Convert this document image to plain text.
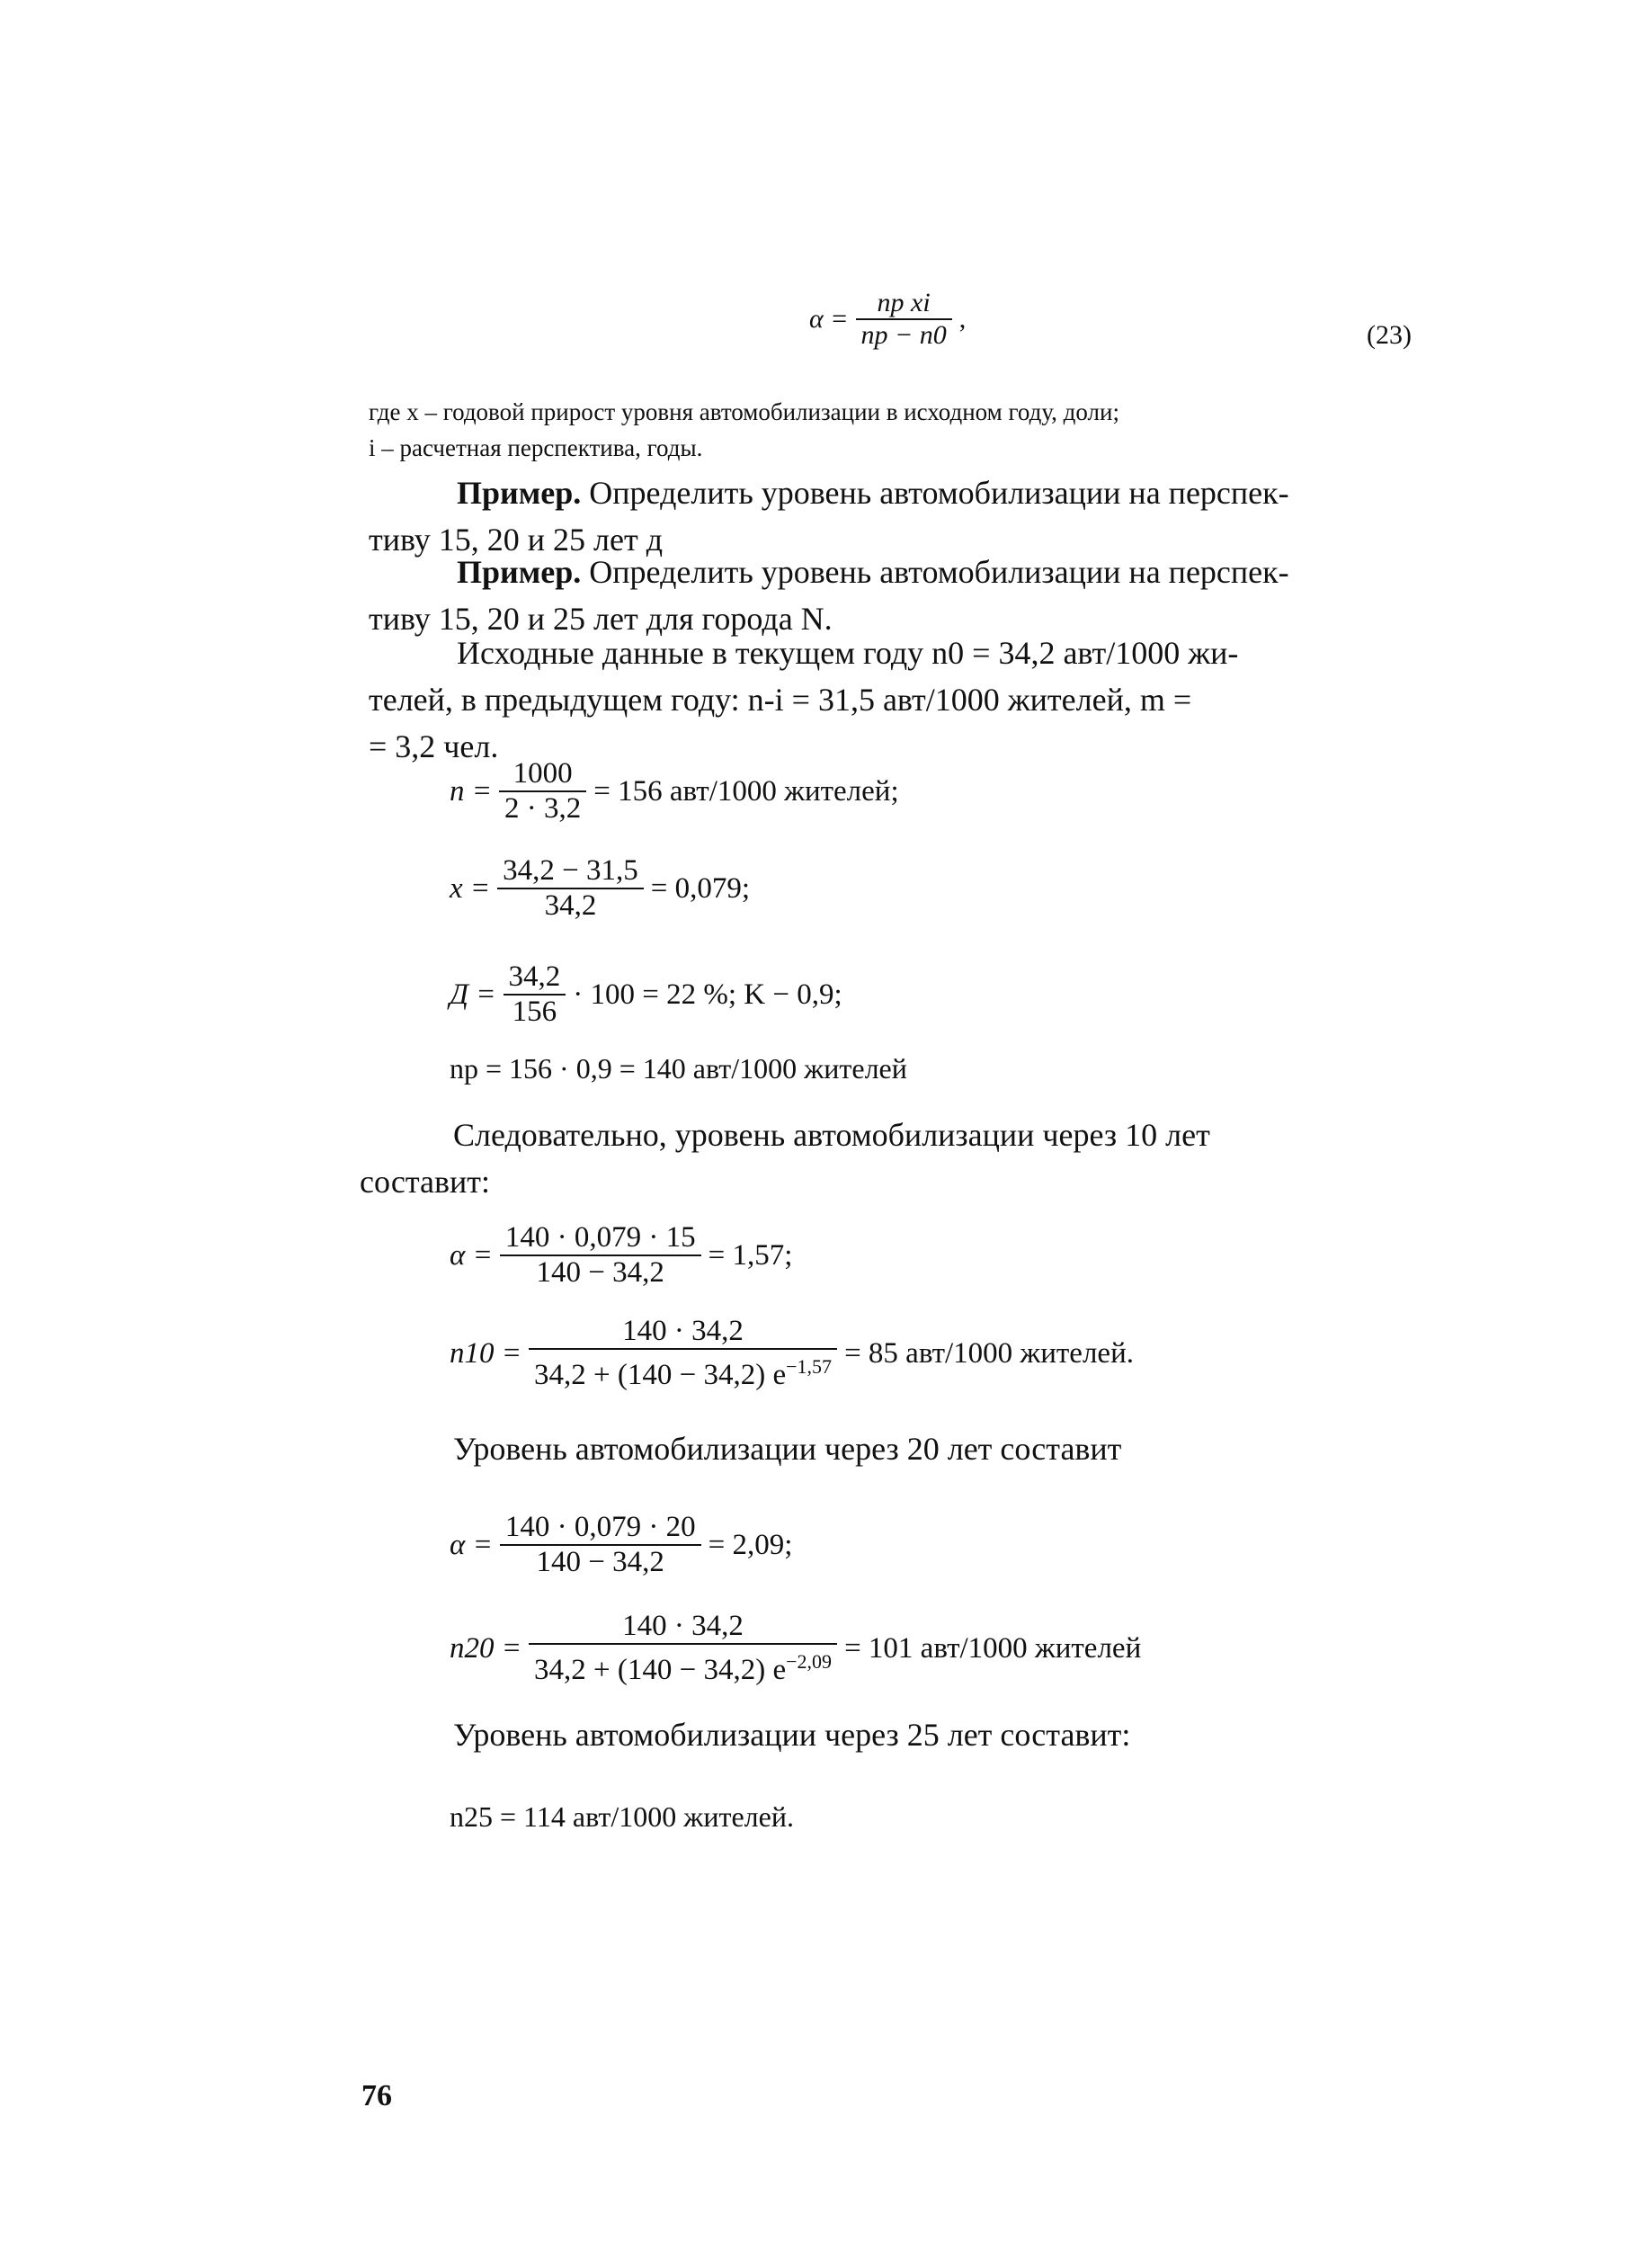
$\alpha = \frac{\text{nр xi}}{nр - n0}$ ,
(23)
где x – годовой прирост уровня автомобилизации в исходном году, доли;
i – расчетная перспектива, годы.
Пример. Определить уровень автомобилизации на перспек-
тиву 15, 20 и 25 лет д
Пример. Определить уровень автомобилизации на перспек-
тиву 15, 20 и 25 лет для города N.
Исходные данные в текущем году n0 = 34,2 авт/1000 жи-
телей, в предыдущем году: n-i = 31,5 авт/1000 жителей, m =
= 3,2 чел.
$n = \frac{1000}{2 \cdot 3,2} = 156$ авт/1000 жителей;
$x = \frac{34,2 - 31,5}{34,2} = 0,079$;
$Д = \frac{34,2}{156} \cdot 100 = 22$ %; K − 0,9;
nр = 156 · 0,9 = 140 авт/1000 жителей
Следовательно, уровень автомобилизации через 10 лет
составит:
$\alpha = \frac{140 \cdot 0,079 \cdot 15}{140 - 34,2} = 1,57$;
$n10 = \frac{140 \cdot 34,2}{34,2 + (140 - 34,2) e^{-1,57}} = 85$ авт/1000 жителей.
Уровень автомобилизации через 20 лет составит
$\alpha = \frac{140 \cdot 0,079 \cdot 20}{140 - 34,2} = 2,09$;
$n20 = \frac{140 \cdot 34,2}{34,2 + (140 - 34,2) e^{-2,09}} = 101$ авт/1000 жителей
Уровень автомобилизации через 25 лет составит:
n25 = 114 авт/1000 жителей.
76
